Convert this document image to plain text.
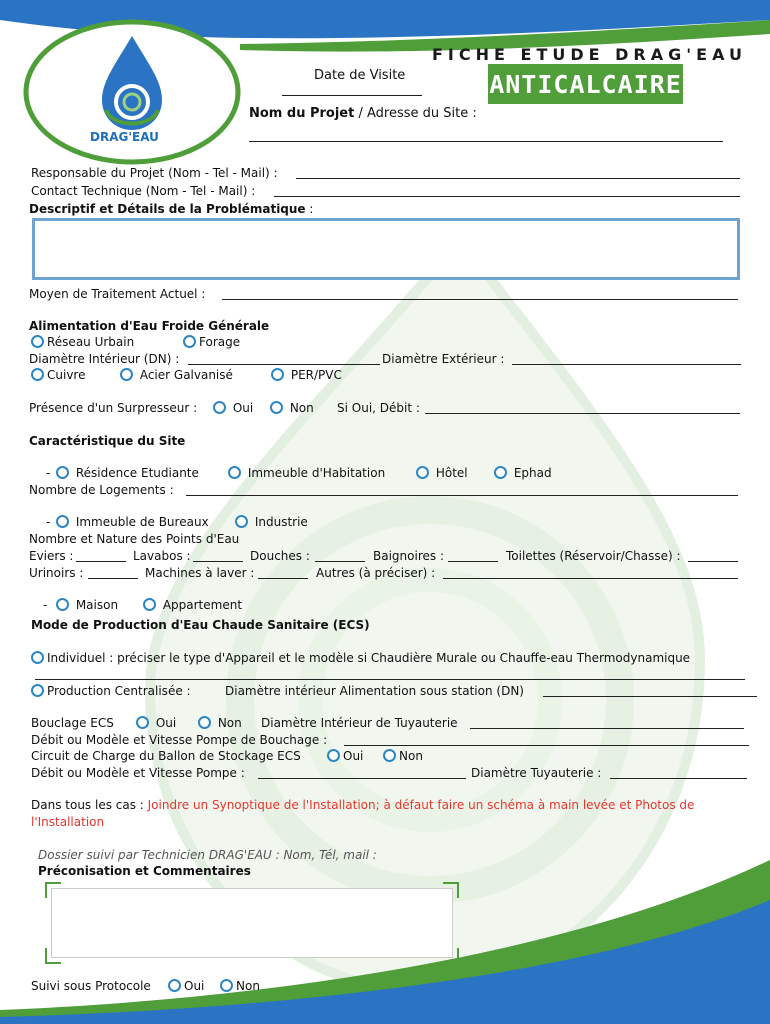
DRAG'EAU
FICHE ETUDE DRAG'EAU
ANTICALCAIRE
Date de Visite
Nom du Projet / Adresse du Site :
Responsable du Projet (Nom - Tel - Mail) :
Contact Technique (Nom - Tel - Mail) :
Descriptif et Détails de la Problématique :
Moyen de Traitement Actuel :
Alimentation d'Eau Froide Générale
Réseau Urbain	Forage
Diamètre Intérieur (DN) :	Diamètre Extérieur :
Cuivre	Acier Galvanisé	PER/PVC
Présence d'un Surpresseur :	Oui	Non Si Oui, Débit :
Caractéristique du Site
-	Résidence Etudiante	Immeuble d'Habitation	Hôtel	Ephad
Nombre de Logements :
-	Immeuble de Bureaux	Industrie
Nombre et Nature des Points d'Eau
Eviers :	Lavabos :	Douches :	Baignoires :	Toilettes (Réservoir/Chasse) :
Urinoirs :	Machines à laver :	Autres (à préciser) :
-	Maison	Appartement
Mode de Production d'Eau Chaude Sanitaire (ECS)
Individuel : préciser le type d'Appareil et le modèle si Chaudière Murale ou Chauffe-eau Thermodynamique
Production Centralisée :	Diamètre intérieur Alimentation sous station (DN)
Bouclage ECS	Oui	Non Diamètre Intérieur de Tuyauterie
Débit ou Modèle et Vitesse Pompe de Bouchage :
Circuit de Charge du Ballon de Stockage ECS	Oui	Non
Débit ou Modèle et Vitesse Pompe :	Diamètre Tuyauterie :
Dans tous les cas : Joindre un Synoptique de l'Installation; à défaut faire un schéma à main levée et Photos de
l'Installation
Dossier suivi par Technicien DRAG'EAU : Nom, Tél, mail :
Préconisation et Commentaires
Suivi sous Protocole	Oui	Non
